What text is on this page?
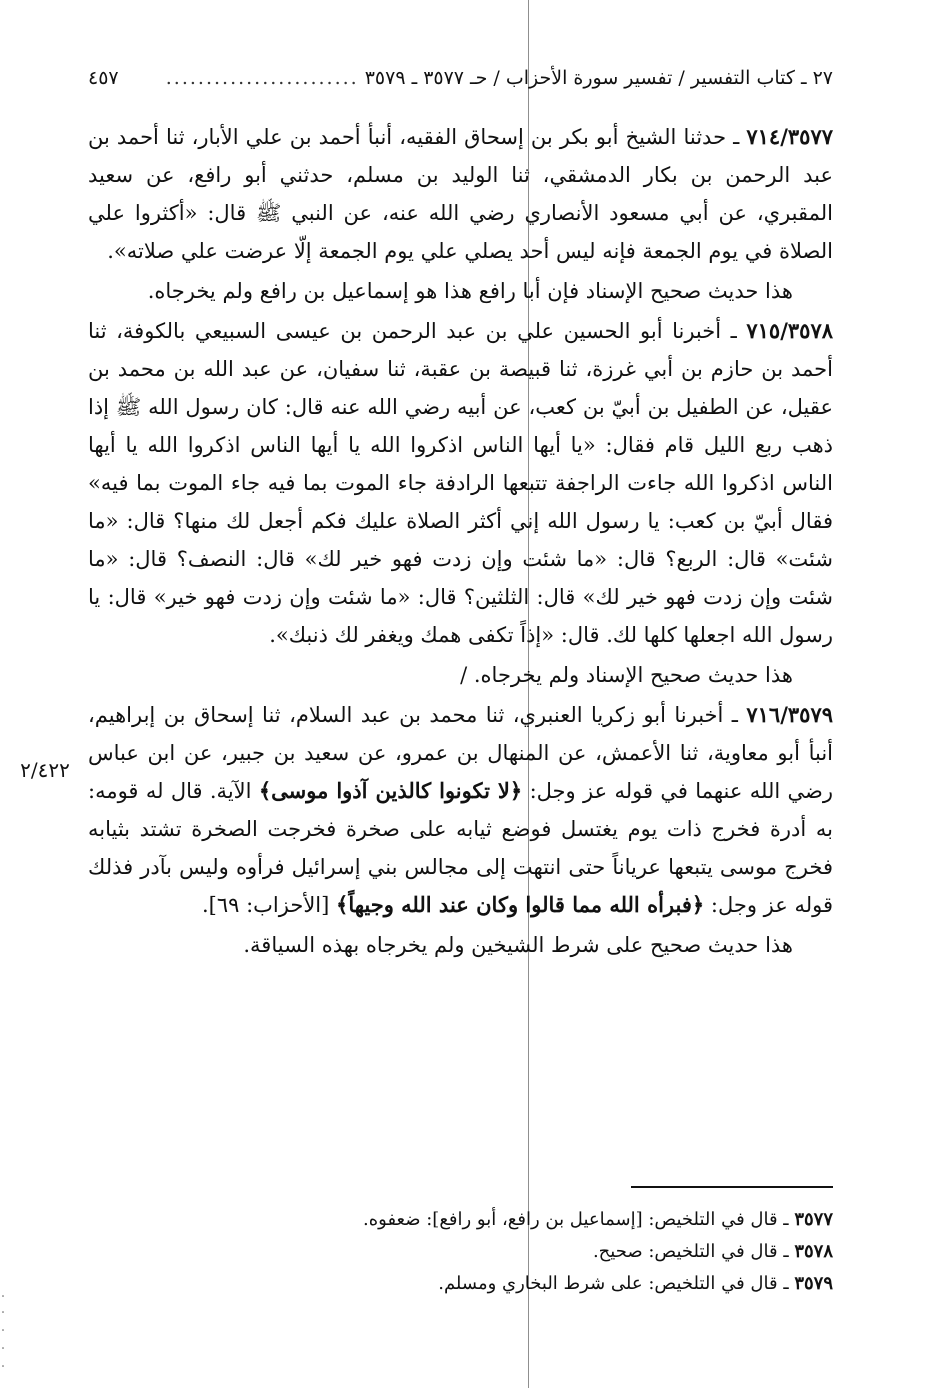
٢٧ ـ كتاب التفسير / تفسير سورة الأحزاب / حـ ٣٥٧٧ ـ ٣٥٧٩
........................
٤٥٧

٧١٤/٣٥٧٧ ـ حدثنا الشيخ أبو بكر بن إسحاق الفقيه، أنبأ أحمد بن علي الأبار، ثنا أحمد بن عبد الرحمن بن بكار الدمشقي، ثنا الوليد بن مسلم، حدثني أبو رافع، عن سعيد المقبري، عن أبي مسعود الأنصاري رضي الله عنه، عن النبي ﷺ قال: «أكثروا علي الصلاة في يوم الجمعة فإنه ليس أحد يصلي علي يوم الجمعة إلّا عرضت علي صلاته».

هذا حديث صحيح الإسناد فإن أبا رافع هذا هو إسماعيل بن رافع ولم يخرجاه.

٧١٥/٣٥٧٨ ـ أخبرنا أبو الحسين علي بن عبد الرحمن بن عيسى السبيعي بالكوفة، ثنا أحمد بن حازم بن أبي غرزة، ثنا قبيصة بن عقبة، ثنا سفيان، عن عبد الله بن محمد بن عقيل، عن الطفيل بن أبيّ بن كعب، عن أبيه رضي الله عنه قال: كان رسول الله ﷺ إذا ذهب ربع الليل قام فقال: «يا أيها الناس اذكروا الله يا أيها الناس اذكروا الله يا أيها الناس اذكروا الله جاءت الراجفة تتبعها الرادفة جاء الموت بما فيه جاء الموت بما فيه» فقال أبيّ بن كعب: يا رسول الله إني أكثر الصلاة عليك فكم أجعل لك منها؟ قال: «ما شئت» قال: الربع؟ قال: «ما شئت وإن زدت فهو خير لك» قال: النصف؟ قال: «ما شئت وإن زدت فهو خير لك» قال: الثلثين؟ قال: «ما شئت وإن زدت فهو خير» قال: يا رسول الله اجعلها كلها لك. قال: «إذاً تكفى همك ويغفر لك ذنبك».

هذا حديث صحيح الإسناد ولم يخرجاه. /

٧١٦/٣٥٧٩ ـ أخبرنا أبو زكريا العنبري، ثنا محمد بن عبد السلام، ثنا إسحاق بن إبراهيم، أنبأ أبو معاوية، ثنا الأعمش، عن المنهال بن عمرو، عن سعيد بن جبير، عن ابن عباس رضي الله عنهما في قوله عز وجل: ﴿لا تكونوا كالذين آذوا موسى﴾ الآية. قال له قومه: به أدرة فخرج ذات يوم يغتسل فوضع ثيابه على صخرة فخرجت الصخرة تشتد بثيابه فخرج موسى يتبعها عرياناً حتى انتهت إلى مجالس بني إسرائيل فرأوه وليس بآدر فذلك قوله عز وجل: ﴿فبرأه الله مما قالوا وكان عند الله وجيهاً﴾ [الأحزاب: ٦٩].

هذا حديث صحيح على شرط الشيخين ولم يخرجاه بهذه السياقة.

٢/٤٢٢
٣٥٧٧ ـ قال في التلخيص: [إسماعيل بن رافع، أبو رافع]: ضعفوه.
٣٥٧٨ ـ قال في التلخيص: صحيح.
٣٥٧٩ ـ قال في التلخيص: على شرط البخاري ومسلم.
